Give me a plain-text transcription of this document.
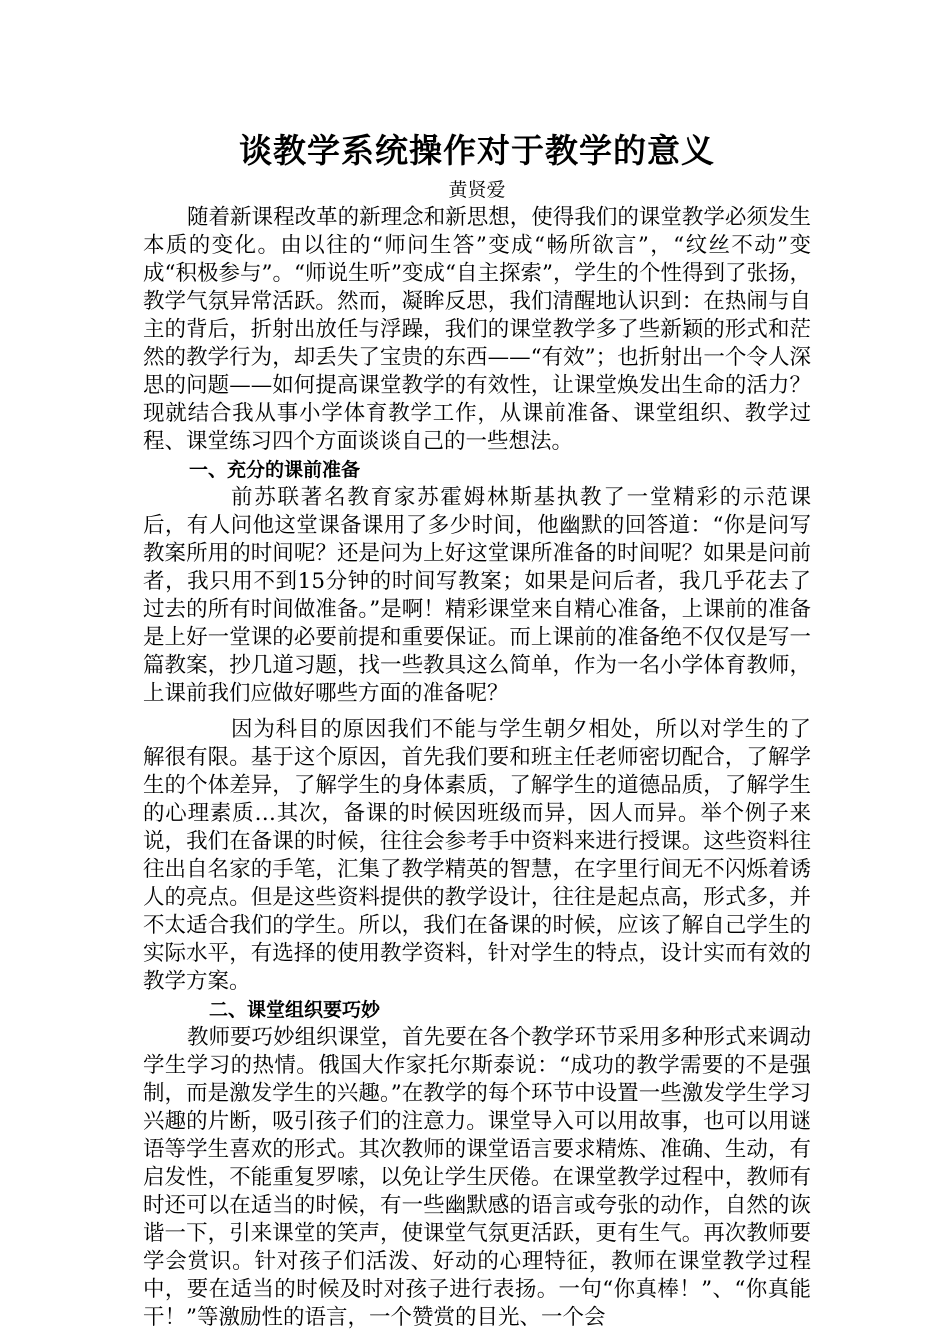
谈教学系统操作对于教学的意义

黄贤爱

随着新课程改革的新理念和新思想，使得我们的课堂教学必须发生本质的变化。由以往的“师问生答”变成“畅所欲言”，“纹丝不动”变成“积极参与”。“师说生听”变成“自主探索”，学生的个性得到了张扬，教学气氛异常活跃。然而，凝眸反思，我们清醒地认识到：在热闹与自主的背后，折射出放任与浮躁，我们的课堂教学多了些新颖的形式和茫然的教学行为，却丢失了宝贵的东西——“有效”；也折射出一个令人深思的问题——如何提高课堂教学的有效性，让课堂焕发出生命的活力？现就结合我从事小学体育教学工作，从课前准备、课堂组织、教学过程、课堂练习四个方面谈谈自己的一些想法。

一、充分的课前准备

前苏联著名教育家苏霍姆林斯基执教了一堂精彩的示范课后，有人问他这堂课备课用了多少时间，他幽默的回答道：“你是问写教案所用的时间呢？还是问为上好这堂课所准备的时间呢？如果是问前者，我只用不到15分钟的时间写教案；如果是问后者，我几乎花去了过去的所有时间做准备。”是啊！精彩课堂来自精心准备，上课前的准备是上好一堂课的必要前提和重要保证。而上课前的准备绝不仅仅是写一篇教案，抄几道习题，找一些教具这么简单，作为一名小学体育教师，上课前我们应做好哪些方面的准备呢？

因为科目的原因我们不能与学生朝夕相处，所以对学生的了解很有限。基于这个原因，首先我们要和班主任老师密切配合，了解学生的个体差异，了解学生的身体素质，了解学生的道德品质，了解学生的心理素质…其次，备课的时候因班级而异，因人而异。举个例子来说，我们在备课的时候，往往会参考手中资料来进行授课。这些资料往往出自名家的手笔，汇集了教学精英的智慧，在字里行间无不闪烁着诱人的亮点。但是这些资料提供的教学设计，往往是起点高，形式多，并不太适合我们的学生。所以，我们在备课的时候，应该了解自己学生的实际水平，有选择的使用教学资料，针对学生的特点，设计实而有效的教学方案。

二、课堂组织要巧妙

教师要巧妙组织课堂，首先要在各个教学环节采用多种形式来调动学生学习的热情。俄国大作家托尔斯泰说：“成功的教学需要的不是强制，而是激发学生的兴趣。”在教学的每个环节中设置一些激发学生学习兴趣的片断，吸引孩子们的注意力。课堂导入可以用故事，也可以用谜语等学生喜欢的形式。其次教师的课堂语言要求精炼、准确、生动，有启发性，不能重复罗嗦，以免让学生厌倦。在课堂教学过程中，教师有时还可以在适当的时候，有一些幽默感的语言或夸张的动作，自然的诙谐一下，引来课堂的笑声，使课堂气氛更活跃，更有生气。再次教师要学会赏识。针对孩子们活泼、好动的心理特征，教师在课堂教学过程中，要在适当的时候及时对孩子进行表扬。一句“你真棒！”、“你真能干！”等激励性的语言，一个赞赏的目光、一个会
